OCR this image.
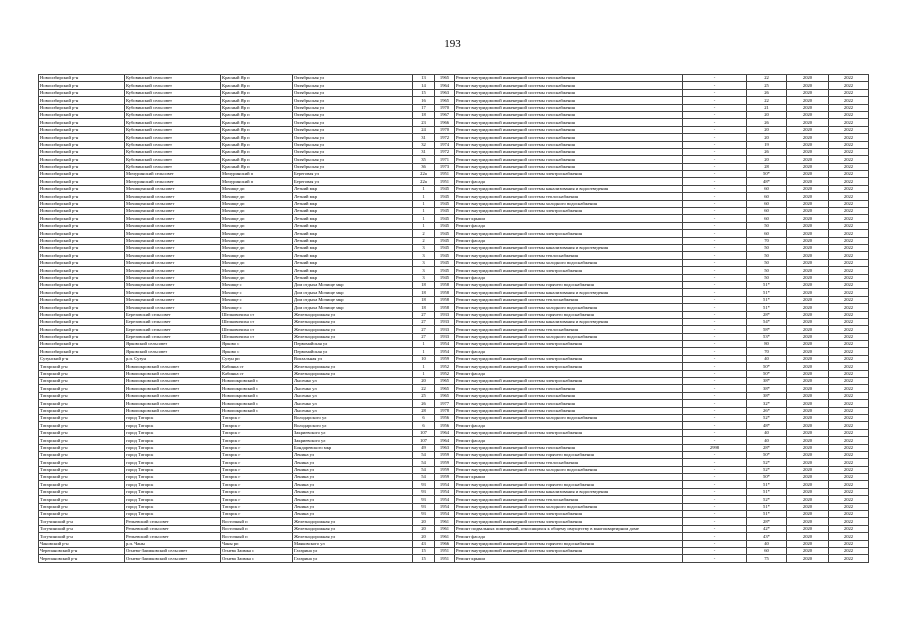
193
Новосибирский р-н	Кубовинский сельсовет	Красный Яр п	Октябрьская ул	13	1965	Ремонт внутридомовой инженерной системы газоснабжения	-	22	2020	2022
Новосибирский р-н	Кубовинский сельсовет	Красный Яр п	Октябрьская ул	14	1964	Ремонт внутридомовой инженерной системы газоснабжения	-	25	2020	2022
Новосибирский р-н	Кубовинский сельсовет	Красный Яр п	Октябрьская ул	15	1963	Ремонт внутридомовой инженерной системы газоснабжения	-	26	2020	2022
Новосибирский р-н	Кубовинский сельсовет	Красный Яр п	Октябрьская ул	16	1965	Ремонт внутридомовой инженерной системы газоснабжения	-	22	2020	2022
Новосибирский р-н	Кубовинский сельсовет	Красный Яр п	Октябрьская ул	17	1970	Ремонт внутридомовой инженерной системы газоснабжения	-	21	2020	2022
Новосибирский р-н	Кубовинский сельсовет	Красный Яр п	Октябрьская ул	18	1967	Ремонт внутридомовой инженерной системы газоснабжения	-	20	2020	2022
Новосибирский р-н	Кубовинский сельсовет	Красный Яр п	Октябрьская ул	23	1966	Ремонт внутридомовой инженерной системы газоснабжения	-	26	2020	2022
Новосибирский р-н	Кубовинский сельсовет	Красный Яр п	Октябрьская ул	24	1970	Ремонт внутридомовой инженерной системы газоснабжения	-	20	2020	2022
Новосибирский р-н	Кубовинский сельсовет	Красный Яр п	Октябрьская ул	31	1972	Ремонт внутридомовой инженерной системы газоснабжения	-	20	2020	2022
Новосибирский р-н	Кубовинский сельсовет	Красный Яр п	Октябрьская ул	32	1974	Ремонт внутридомовой инженерной системы газоснабжения	-	19	2020	2022
Новосибирский р-н	Кубовинский сельсовет	Красный Яр п	Октябрьская ул	31	1972	Ремонт внутридомовой инженерной системы газоснабжения	-	26	2020	2022
Новосибирский р-н	Кубовинский сельсовет	Красный Яр п	Октябрьская ул	35	1971	Ремонт внутридомовой инженерной системы газоснабжения	-	20	2020	2022
Новосибирский р-н	Кубовинский сельсовет	Красный Яр п	Октябрьская ул	36	1973	Ремонт внутридомовой инженерной системы газоснабжения	-	28	2020	2022
Новосибирский р-н	Мичуринский сельсовет	Мичуринский п	Береговая ул	22а	1951	Ремонт внутридомовой инженерной системы электроснабжения	-	50*	2020	2022
Новосибирский р-н	Мичуринский сельсовет	Мичуринский п	Береговая ул	22а	1951	Ремонт фасада	-	48*	2020	2022
Новосибирский р-н	Мочищенский сельсовет	Мочище дп	Летний мкр	1	1945	Ремонт внутридомовой инженерной системы канализования и водоотведения	-	60	2020	2022
Новосибирский р-н	Мочищенский сельсовет	Мочище дп	Летний мкр	1	1945	Ремонт внутридомовой инженерной системы теплоснабжения	-	60	2020	2022
Новосибирский р-н	Мочищенский сельсовет	Мочище дп	Летний мкр	1	1945	Ремонт внутридомовой инженерной системы холодного водоснабжения	-	60	2020	2022
Новосибирский р-н	Мочищенский сельсовет	Мочище дп	Летний мкр	1	1945	Ремонт внутридомовой инженерной системы электроснабжения	-	60	2020	2022
Новосибирский р-н	Мочищенский сельсовет	Мочище дп	Летний мкр	1	1945	Ремонт крыши	-	60	2020	2022
Новосибирский р-н	Мочищенский сельсовет	Мочище дп	Летний мкр	1	1945	Ремонт фасада	-	50	2020	2022
Новосибирский р-н	Мочищенский сельсовет	Мочище дп	Летний мкр	2	1945	Ремонт внутридомовой инженерной системы электроснабжения	-	60	2020	2022
Новосибирский р-н	Мочищенский сельсовет	Мочище дп	Летний мкр	2	1945	Ремонт фасада	-	70	2020	2022
Новосибирский р-н	Мочищенский сельсовет	Мочище дп	Летний мкр	3	1945	Ремонт внутридомовой инженерной системы канализования и водоотведения	-	50	2020	2022
Новосибирский р-н	Мочищенский сельсовет	Мочище дп	Летний мкр	3	1945	Ремонт внутридомовой инженерной системы теплоснабжения	-	50	2020	2022
Новосибирский р-н	Мочищенский сельсовет	Мочище дп	Летний мкр	3	1945	Ремонт внутридомовой инженерной системы холодного водоснабжения	-	50	2020	2022
Новосибирский р-н	Мочищенский сельсовет	Мочище дп	Летний мкр	3	1945	Ремонт внутридомовой инженерной системы электроснабжения	-	50	2020	2022
Новосибирский р-н	Мочищенский сельсовет	Мочище дп	Летний мкр	3	1945	Ремонт фасада	-	50	2020	2022
Новосибирский р-н	Мочищенский сельсовет	Мочище с	Дом отдыха Мочище мкр	18	1958	Ремонт внутридомовой инженерной системы горячего водоснабжения	-	51*	2020	2022
Новосибирский р-н	Мочищенский сельсовет	Мочище с	Дом отдыха Мочище мкр	18	1958	Ремонт внутридомовой инженерной системы канализования и водоотведения	-	51*	2020	2022
Новосибирский р-н	Мочищенский сельсовет	Мочище с	Дом отдыха Мочище мкр	18	1958	Ремонт внутридомовой инженерной системы теплоснабжения	-	51*	2020	2022
Новосибирский р-н	Мочищенский сельсовет	Мочище с	Дом отдыха Мочище мкр	18	1958	Ремонт внутридомовой инженерной системы холодного водоснабжения	-	51*	2020	2022
Новосибирский р-н	Березовский сельсовет	Шелковичиха ст	Железнодорожная ул	27	1933	Ремонт внутридомовой инженерной системы горячего водоснабжения	-	28*	2020	2022
Новосибирский р-н	Березовский сельсовет	Шелковичиха ст	Железнодорожная ул	27	1933	Ремонт внутридомовой инженерной системы канализования и водоотведения	-	54*	2020	2022
Новосибирский р-н	Березовский сельсовет	Шелковичиха ст	Железнодорожная ул	27	1933	Ремонт внутридомовой инженерной системы теплоснабжения	-	58*	2020	2022
Новосибирский р-н	Березовский сельсовет	Шелковичиха ст	Железнодорожная ул	27	1933	Ремонт внутридомовой инженерной системы холодного водоснабжения	-	53*	2020	2022
Новосибирский р-н	Ярковский сельсовет	Ярково с	Первомайская ул	1	1954	Ремонт внутридомовой инженерной системы электроснабжения	-	80	2020	2022
Новосибирский р-н	Ярковский сельсовет	Ярково с	Первомайская ул	1	1954	Ремонт фасада	-	70	2020	2022
Сузунский р-н	р.п. Сузун	Сузун рп	Вокзальная ул	10	1959	Ремонт внутридомовой инженерной системы электроснабжения	-	40	2020	2022
Татарский р-н	Новопокровский сельсовет	Кабинка ст	Железнодорожная ул	1	1952	Ремонт внутридомовой инженерной системы электроснабжения	-	50*	2020	2022
Татарский р-н	Новопокровский сельсовет	Кабинка ст	Железнодорожная ул	1	1952	Ремонт фасада	-	50*	2020	2022
Татарский р-н	Новопокровский сельсовет	Новопокровский с	Лысенко ул	20	1965	Ремонт внутридомовой инженерной системы электроснабжения	-	38*	2020	2022
Татарский р-н	Новопокровский сельсовет	Новопокровский с	Лысенко ул	22	1965	Ремонт внутридомовой инженерной системы газоснабжения	-	38*	2020	2022
Татарский р-н	Новопокровский сельсовет	Новопокровский с	Лысенко ул	25	1965	Ремонт внутридомовой инженерной системы газоснабжения	-	38*	2020	2022
Татарский р-н	Новопокровский сельсовет	Новопокровский с	Лысенко ул	26	1977	Ремонт внутридомовой инженерной системы газоснабжения	-	32*	2020	2022
Татарский р-н	Новопокровский сельсовет	Новопокровский с	Лысенко ул	28	1978	Ремонт внутридомовой инженерной системы газоснабжения	-	26*	2020	2022
Татарский р-н	город Татарск	Татарск г	Володарского ул	6	1956	Ремонт внутридомовой инженерной системы холодного водоснабжения	-	52*	2020	2022
Татарский р-н	город Татарск	Татарск г	Володарского ул	6	1956	Ремонт фасада	-	48*	2020	2022
Татарский р-н	город Татарск	Татарск г	Закриевского ул	107	1964	Ремонт внутридомовой инженерной системы электроснабжения	-	40	2020	2022
Татарский р-н	город Татарск	Татарск г	Закриевского ул	107	1964	Ремонт фасада	-	40	2020	2022
Татарский р-н	город Татарск	Татарск г	Бондаревского мкр	49	1963	Ремонт внутридомовой инженерной системы газоснабжения	2998	28*	2020	2022
Татарский р-н	город Татарск	Татарск г	Ленина ул	54	1959	Ремонт внутридомовой инженерной системы горячего водоснабжения	-	50*	2020	2022
Татарский р-н	город Татарск	Татарск г	Ленина ул	54	1959	Ремонт внутридомовой инженерной системы теплоснабжения	-	52*	2020	2022
Татарский р-н	город Татарск	Татарск г	Ленина ул	54	1959	Ремонт внутридомовой инженерной системы холодного водоснабжения	-	52*	2020	2022
Татарский р-н	город Татарск	Татарск г	Ленина ул	54	1959	Ремонт крыши	-	50*	2020	2022
Татарский р-н	город Татарск	Татарск г	Ленина ул	93	1954	Ремонт внутридомовой инженерной системы горячего водоснабжения	-	51*	2020	2022
Татарский р-н	город Татарск	Татарск г	Ленина ул	93	1954	Ремонт внутридомовой инженерной системы канализования и водоотведения	-	51*	2020	2022
Татарский р-н	город Татарск	Татарск г	Ленина ул	93	1954	Ремонт внутридомовой инженерной системы теплоснабжения	-	52*	2020	2022
Татарский р-н	город Татарск	Татарск г	Ленина ул	93	1954	Ремонт внутридомовой инженерной системы холодного водоснабжения	-	51*	2020	2022
Татарский р-н	город Татарск	Татарск г	Ленина ул	93	1954	Ремонт внутридомовой инженерной системы электроснабжения	-	51*	2020	2022
Тогучинский р-н	Репьевский сельсовет	Восточный п	Железнодорожная ул	20	1961	Ремонт внутридомовой инженерной системы электроснабжения	-	28*	2020	2022
Тогучинский р-н	Репьевский сельсовет	Восточный п	Железнодорожная ул	20	1961	Ремонт подвальных помещений, относящихся к общему имуществу в многоквартирном доме	-	42*	2020	2022
Тогучинский р-н	Репьевский сельсовет	Восточный п	Железнодорожная ул	20	1961	Ремонт фасада	-	43*	2020	2022
Чановский р-н	р.п. Чаны	Чаны рп	Маяковского ул	43	1966	Ремонт внутридомовой инженерной системы горячего водоснабжения	-	40	2020	2022
Черепановский р-н	Огнево-Заимковский сельсовет	Огнева Заимка с	Гагарина ул	15	1951	Ремонт внутридомовой инженерной системы электроснабжения	-	60	2020	2022
Черепановский р-н	Огнево-Заимковский сельсовет	Огнева Заимка с	Гагарина ул	15	1951	Ремонт крыши	-	75	2020	2022
